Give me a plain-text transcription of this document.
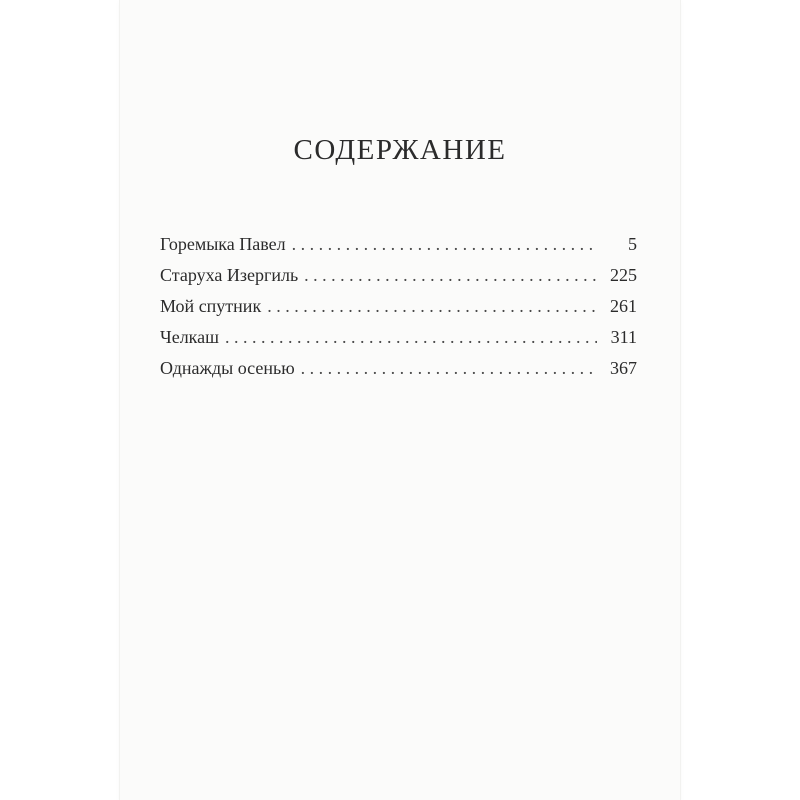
СОДЕРЖАНИЕ
Горемыка Павел . . .	5
Старуха Изергиль . . .	225
Мой спутник . . .	261
Челкаш . . .	311
Однажды осенью . . .	367
